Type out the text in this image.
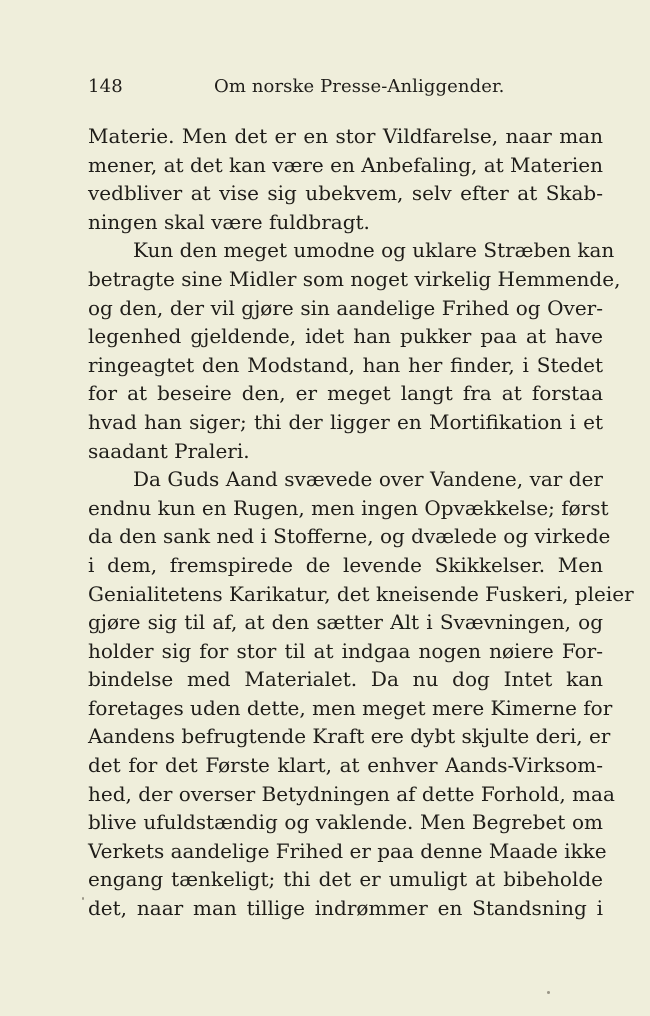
148	Om norske Presse-Anliggender.
Materie. Men det er en stor Vildfarelse, naar man
mener, at det kan være en Anbefaling, at Materien
vedbliver at vise sig ubekvem, selv efter at Skab-
ningen skal være fuldbragt.
Kun den meget umodne og uklare Stræben kan
betragte sine Midler som noget virkelig Hemmende,
og den, der vil gjøre sin aandelige Frihed og Over-
legenhed gjeldende, idet han pukker paa at have
ringeagtet den Modstand, han her finder, i Stedet
for at beseire den, er meget langt fra at forstaa
hvad han siger; thi der ligger en Mortifikation i et
saadant Praleri.
Da Guds Aand svævede over Vandene, var der
endnu kun en Rugen, men ingen Opvækkelse; først
da den sank ned i Stofferne, og dvælede og virkede
i dem, fremspirede de levende Skikkelser. Men
Genialitetens Karikatur, det kneisende Fuskeri, pleier
gjøre sig til af, at den sætter Alt i Svævningen, og
holder sig for stor til at indgaa nogen nøiere For-
bindelse med Materialet. Da nu dog Intet kan
foretages uden dette, men meget mere Kimerne for
Aandens befrugtende Kraft ere dybt skjulte deri, er
det for det Første klart, at enhver Aands-Virksom-
hed, der overser Betydningen af dette Forhold, maa
blive ufuldstændig og vaklende. Men Begrebet om
Verkets aandelige Frihed er paa denne Maade ikke
engang tænkeligt; thi det er umuligt at bibeholde
det, naar man tillige indrømmer en Standsning i
